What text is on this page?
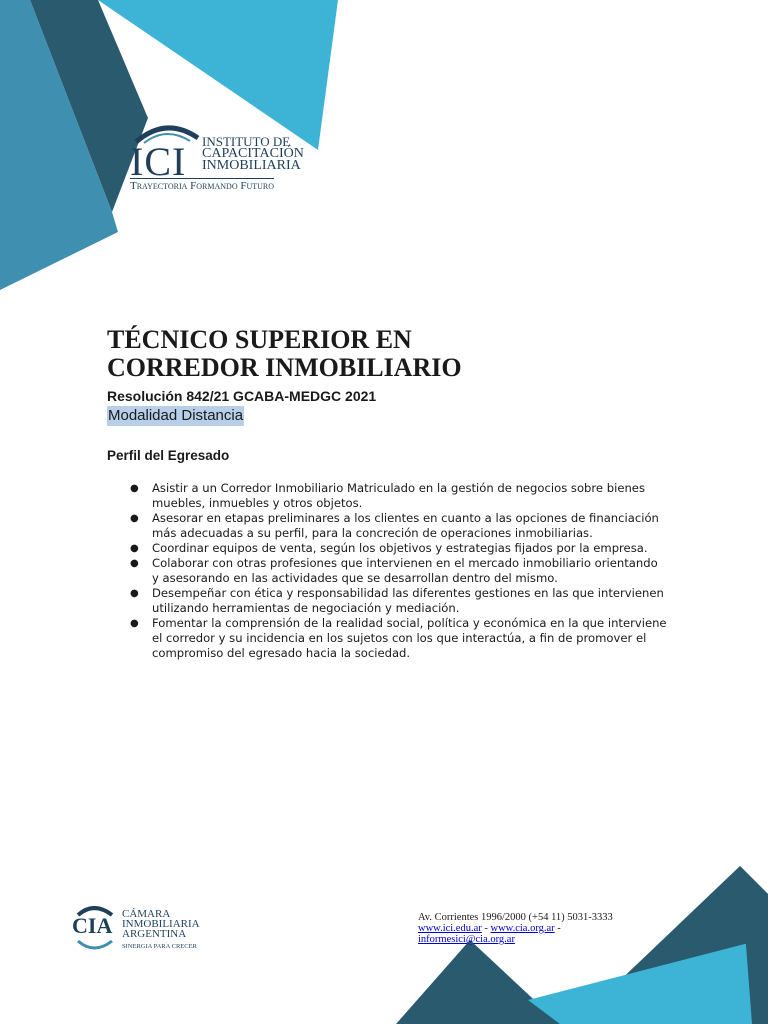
ICI INSTITUTO DE
CAPACITACIÓN
INMOBILIARIA
Trayectoria Formando Futuro
TÉCNICO SUPERIOR EN
CORREDOR INMOBILIARIO
Resolución 842/21 GCABA-MEDGC 2021
Modalidad Distancia
Perfil del Egresado
● Asistir a un Corredor Inmobiliario Matriculado en la gestión de negocios sobre bienes muebles, inmuebles y otros objetos.
● Asesorar en etapas preliminares a los clientes en cuanto a las opciones de financiación más adecuadas a su perfil, para la concreción de operaciones inmobiliarias.
● Coordinar equipos de venta, según los objetivos y estrategias fijados por la empresa.
● Colaborar con otras profesiones que intervienen en el mercado inmobiliario orientando y asesorando en las actividades que se desarrollan dentro del mismo.
● Desempeñar con ética y responsabilidad las diferentes gestiones en las que intervienen utilizando herramientas de negociación y mediación.
● Fomentar la comprensión de la realidad social, política y económica en la que interviene el corredor y su incidencia en los sujetos con los que interactúa, a fin de promover el compromiso del egresado hacia la sociedad.
CIA CÁMARA
INMOBILIARIA
ARGENTINA
SINERGIA PARA CRECER
Av. Corrientes 1996/2000 (+54 11) 5031-3333
www.ici.edu.ar - www.cia.org.ar -
informesici@cia.org.ar
